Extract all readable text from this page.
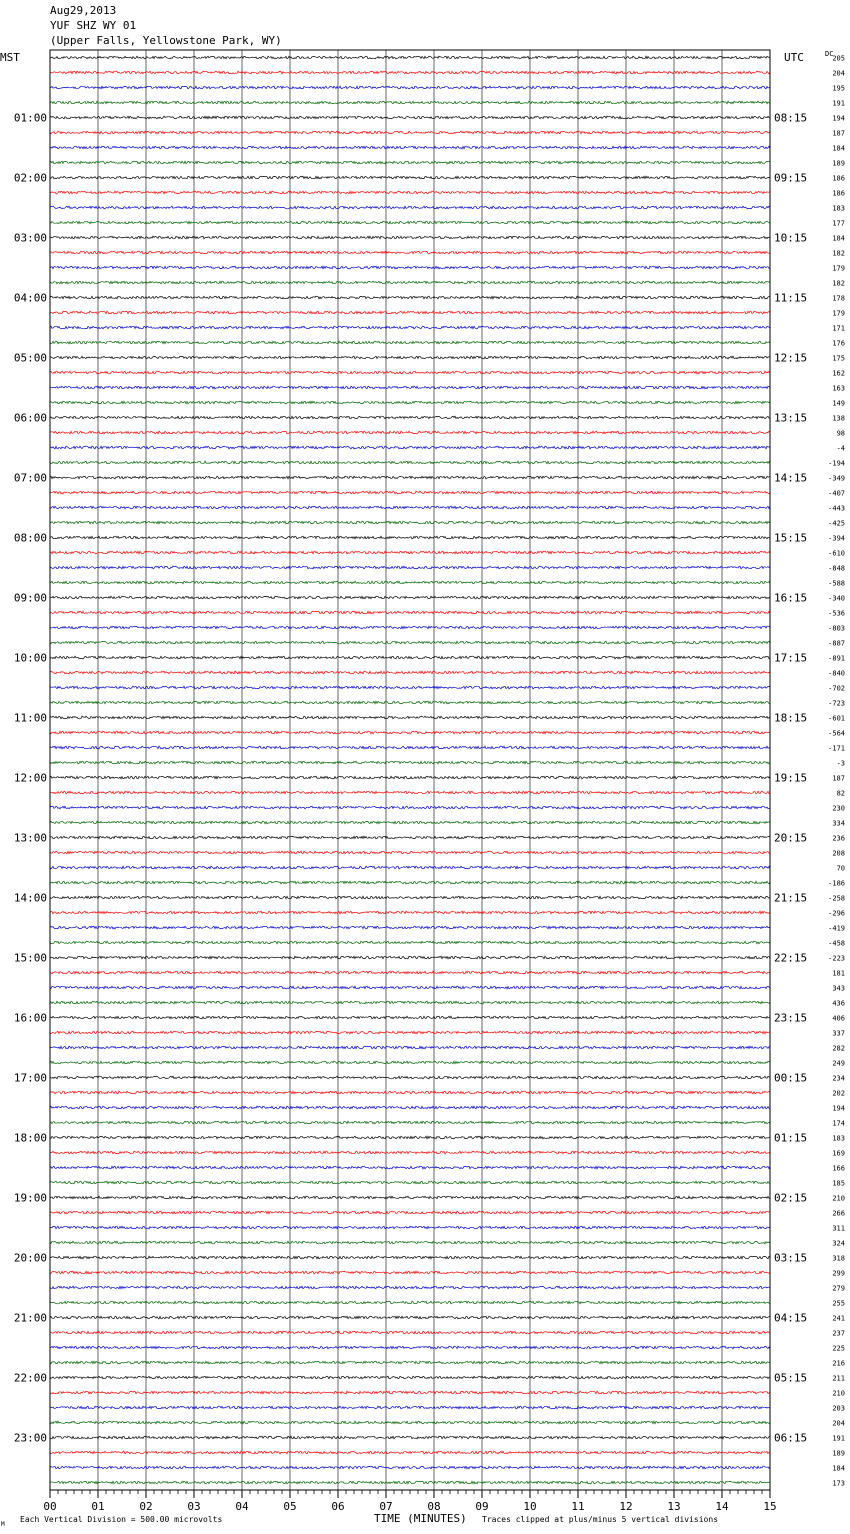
Aug29,2013
YUF SHZ WY 01
(Upper Falls, Yellowstone Park, WY)
01:00
02:00
03:00
04:00
05:00
06:00
07:00
08:00
09:00
10:00
11:00
12:00
13:00
14:00
15:00
16:00
17:00
18:00
19:00
20:00
21:00
22:00
23:00
08:15
09:15
10:15
11:15
12:15
13:15
14:15
15:15
16:15
17:15
18:15
19:15
20:15
21:15
22:15
23:15
00:15
01:15
02:15
03:15
04:15
05:15
06:15
205
204
195
191
194
187
184
189
186
186
183
177
184
182
179
182
178
179
171
176
175
162
163
149
138
98
-4
-194
-349
-407
-443
-425
-394
-610
-848
-588
-340
-536
-803
-887
-891
-840
-702
-723
-601
-564
-171
-3
187
82
230
334
236
208
70
-186
-258
-296
-419
-458
-223
181
343
436
406
337
282
249
234
202
194
174
183
169
166
185
210
266
311
324
318
299
279
255
241
237
225
216
211
210
203
204
191
189
184
173
00	01	02	03	04	05	06	07	08	09	10	11	12	13	14	15
MST	UTC	DC
Each Vertical Division = 500.00 microvolts	TIME (MINUTES) Traces clipped at plus/minus 5 vertical divisions
M
